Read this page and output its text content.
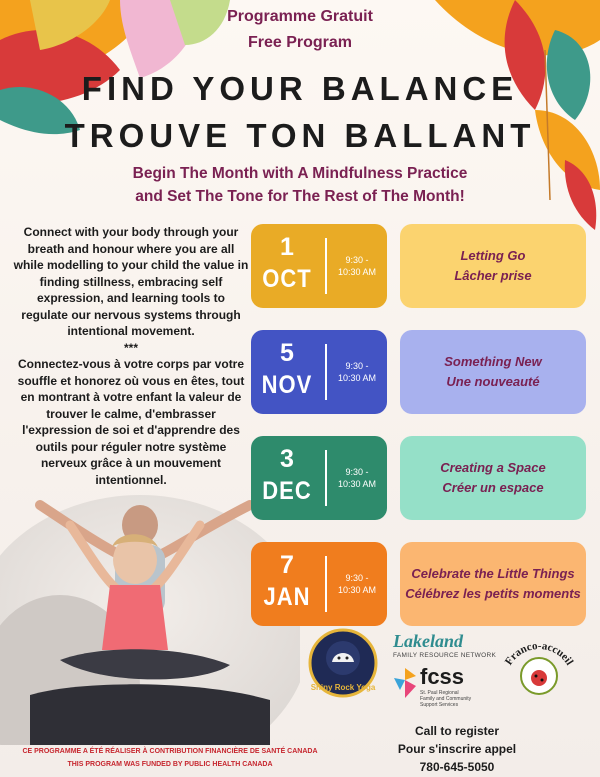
Programme Gratuit
Free Program
FIND YOUR BALANCE
TROUVE TON BALLANT
Begin The Month with A Mindfulness Practice
and Set The Tone for The Rest of The Month!
Connect with your body through your breath and honour where you are all while modelling to your child the value in finding stillness, embracing self expression, and learning tools to regulate our nervous systems through intentional movement.
***
Connectez-vous à votre corps par votre souffle et honorez où vous en êtes, tout en montrant à votre enfant la valeur de trouver le calme, d'embrasser l'expression de soi et d'apprendre des outils pour réguler notre système nerveux grâce à un mouvement intentionnel.
1
OCT
9:30 -
10:30 AM
Letting Go
Lâcher prise
5
NOV
9:30 -
10:30 AM
Something New
Une nouveauté
3
DEC
9:30 -
10:30 AM
Creating a Space
Créer un espace
7
JAN
9:30 -
10:30 AM
Celebrate the Little Things
Célébrez les petits moments
Shiny Rock Yoga
Lakeland
FAMILY RESOURCE NETWORK
fcss
St. Paul Regional
Family and Community
Support Services
Franco-accueil
Call to register
Pour s'inscrire appel
780-645-5050
CE PROGRAMME A ÉTÉ RÉALISER À CONTRIBUTION FINANCIÈRE DE SANTÉ CANADA
THIS PROGRAM WAS FUNDED BY PUBLIC HEALTH CANADA
